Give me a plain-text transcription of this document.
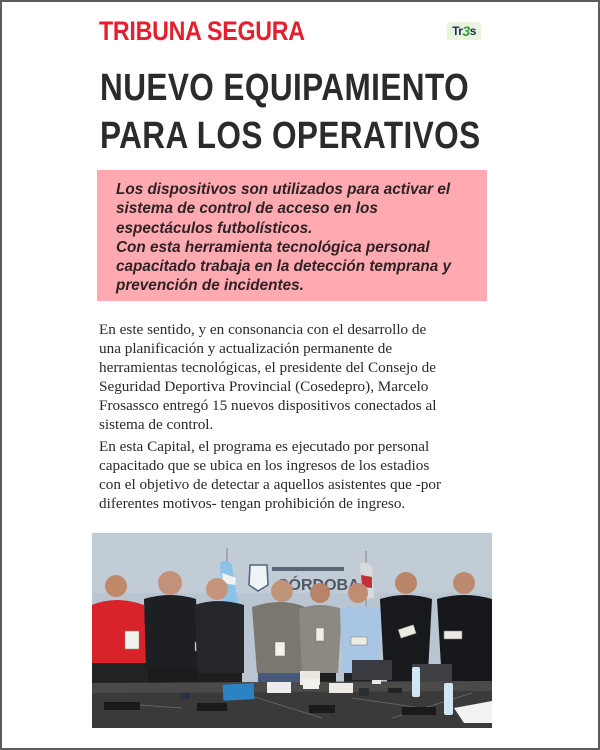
TRIBUNA SEGURA	Tr 3 s
NUEVO EQUIPAMIENTO
PARA LOS OPERATIVOS

Los dispositivos son utilizados para activar el

sistema de control de acceso en los

espectáculos futbolísticos.

Con esta herramienta tecnológica personal

capacitado trabaja en la detección temprana y

prevención de incidentes.

En este sentido, y en consonancia con el desarrollo de
una planificación y actualización permanente de
herramientas tecnológicas, el presidente del Consejo de
Seguridad Deportiva Provincial (Cosedepro), Marcelo
Frosassco entregó 15 nuevos dispositivos conectados al
sistema de control.
En esta Capital, el programa es ejecutado por personal
capacitado que se ubica en los ingresos de los estadios
con el objetivo de detectar a aquellos asistentes que -por
diferentes motivos- tengan prohibición de ingreso.
